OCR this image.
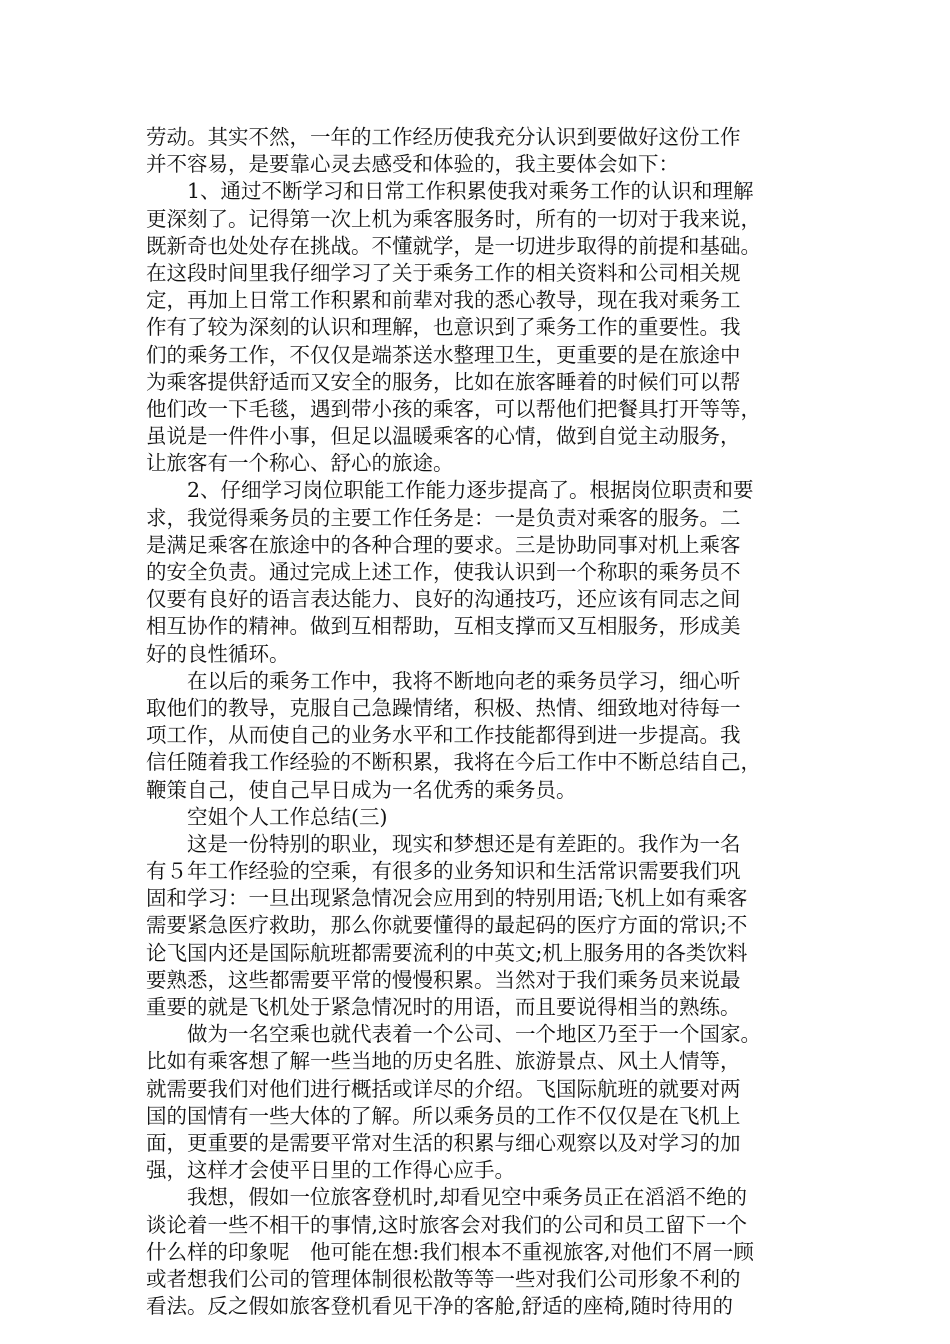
劳动。其实不然，一年的工作经历使我充分认识到要做好这份工作
并不容易，是要靠心灵去感受和体验的，我主要体会如下：
1、通过不断学习和日常工作积累使我对乘务工作的认识和理解
更深刻了。记得第一次上机为乘客服务时，所有的一切对于我来说，
既新奇也处处存在挑战。不懂就学，是一切进步取得的前提和基础。
在这段时间里我仔细学习了关于乘务工作的相关资料和公司相关规
定，再加上日常工作积累和前辈对我的悉心教导，现在我对乘务工
作有了较为深刻的认识和理解，也意识到了乘务工作的重要性。我
们的乘务工作，不仅仅是端茶送水整理卫生，更重要的是在旅途中
为乘客提供舒适而又安全的服务，比如在旅客睡着的时候们可以帮
他们改一下毛毯，遇到带小孩的乘客，可以帮他们把餐具打开等等，
虽说是一件件小事，但足以温暖乘客的心情，做到自觉主动服务，
让旅客有一个称心、舒心的旅途。
2、仔细学习岗位职能工作能力逐步提高了。根据岗位职责和要
求，我觉得乘务员的主要工作任务是：一是负责对乘客的服务。二
是满足乘客在旅途中的各种合理的要求。三是协助同事对机上乘客
的安全负责。通过完成上述工作，使我认识到一个称职的乘务员不
仅要有良好的语言表达能力、良好的沟通技巧，还应该有同志之间
相互协作的精神。做到互相帮助，互相支撑而又互相服务，形成美
好的良性循环。
在以后的乘务工作中，我将不断地向老的乘务员学习，细心听
取他们的教导，克服自己急躁情绪，积极、热情、细致地对待每一
项工作，从而使自己的业务水平和工作技能都得到进一步提高。我
信任随着我工作经验的不断积累，我将在今后工作中不断总结自己，
鞭策自己，使自己早日成为一名优秀的乘务员。
空姐个人工作总结(三)
这是一份特别的职业，现实和梦想还是有差距的。我作为一名
有５年工作经验的空乘，有很多的业务知识和生活常识需要我们巩
固和学习：一旦出现紧急情况会应用到的特别用语;飞机上如有乘客
需要紧急医疗救助，那么你就要懂得的最起码的医疗方面的常识;不
论飞国内还是国际航班都需要流利的中英文;机上服务用的各类饮料
要熟悉，这些都需要平常的慢慢积累。当然对于我们乘务员来说最
重要的就是飞机处于紧急情况时的用语，而且要说得相当的熟练。
做为一名空乘也就代表着一个公司、一个地区乃至于一个国家。
比如有乘客想了解一些当地的历史名胜、旅游景点、风土人情等，
就需要我们对他们进行概括或详尽的介绍。飞国际航班的就要对两
国的国情有一些大体的了解。所以乘务员的工作不仅仅是在飞机上
面，更重要的是需要平常对生活的积累与细心观察以及对学习的加
强，这样才会使平日里的工作得心应手。
我想，假如一位旅客登机时,却看见空中乘务员正在滔滔不绝的
谈论着一些不相干的事情,这时旅客会对我们的公司和员工留下一个
什么样的印象呢　他可能在想:我们根本不重视旅客,对他们不屑一顾
或者想我们公司的管理体制很松散等等一些对我们公司形象不利的
看法。反之假如旅客登机看见干净的客舱,舒适的座椅,随时待用的
